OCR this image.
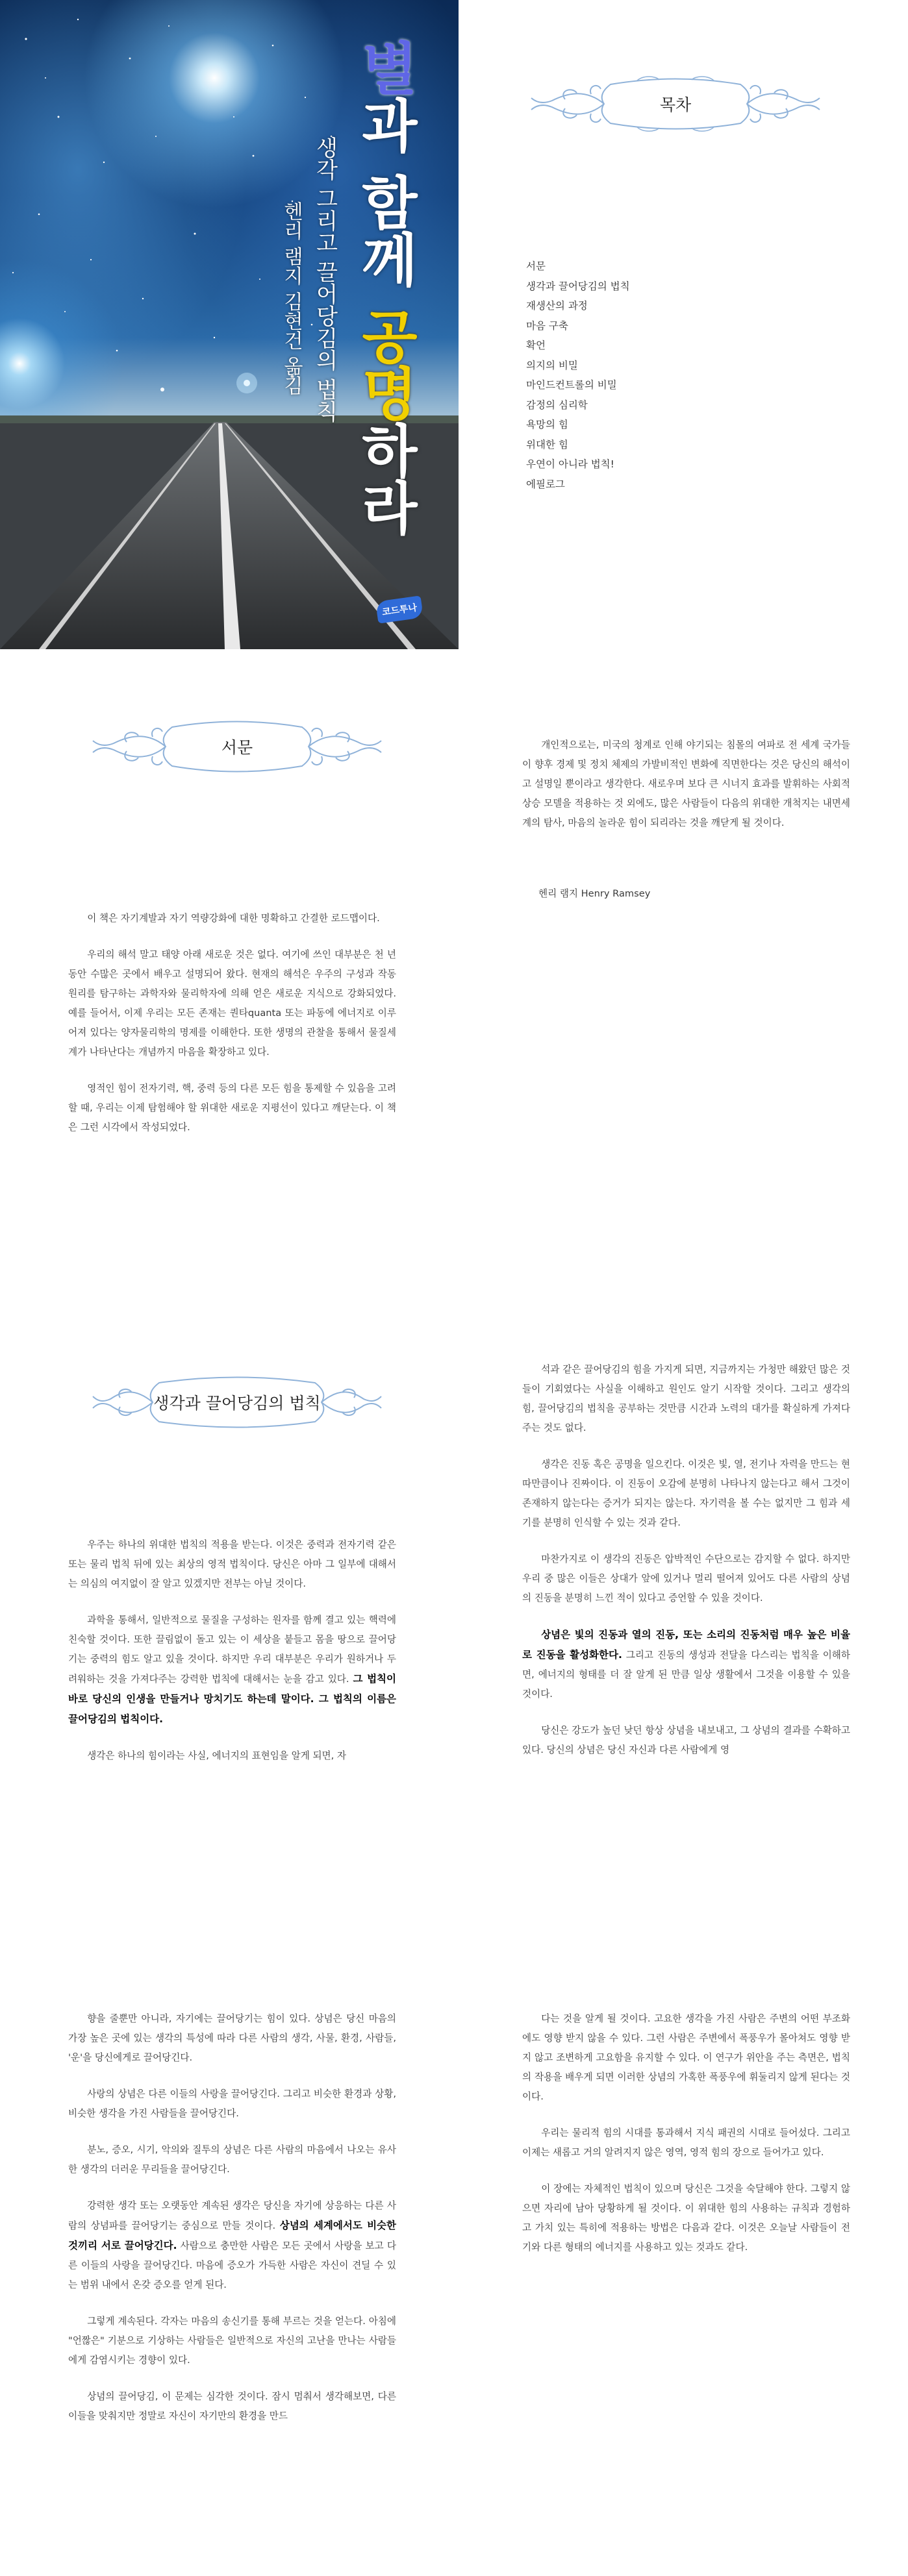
별과 함께 공명하라
생각 그리고 끌어당김의 법칙
헨리 램지 김현건 옮김
코드투나
목차
서문
생각과 끌어당김의 법칙
재생산의 과정
마음 구축
확언
의지의 비밀
마인드컨트롤의 비밀
감정의 심리학
욕망의 힘
위대한 힘
우연이 아니라 법칙!
에필로그
서문

이 책은 자기계발과 자기 역량강화에 대한 명확하고 간결한 로드맵이다.

우리의 해석 말고 태양 아래 새로운 것은 없다. 여기에 쓰인 대부분은 천 년 동안 수많은 곳에서 배우고 설명되어 왔다. 현재의 해석은 우주의 구성과 작동 원리를 탐구하는 과학자와 물리학자에 의해 얻은 새로운 지식으로 강화되었다. 예를 들어서, 이제 우리는 모든 존재는 퀀타quanta 또는 파동에 에너지로 이루어져 있다는 양자물리학의 명제를 이해한다. 또한 생명의 관찰을 통해서 물질세계가 나타난다는 개념까지 마음을 확장하고 있다.

영적인 힘이 전자기력, 핵, 중력 등의 다른 모든 힘을 통제할 수 있음을 고려할 때, 우리는 이제 탐험해야 할 위대한 새로운 지평선이 있다고 깨닫는다. 이 책은 그런 시각에서 작성되었다.

개인적으로는, 미국의 청계로 인해 야기되는 침몰의 여파로 전 세계 국가들이 향후 경제 및 정치 체제의 가발비적인 변화에 직면한다는 것은 당신의 해석이고 설명일 뿐이라고 생각한다. 새로우며 보다 큰 시너지 효과를 발휘하는 사회적 상승 모델을 적용하는 것 외에도, 많은 사람들이 다음의 위대한 개척지는 내면세계의 탐사, 마음의 놀라운 힘이 되리라는 것을 깨닫게 될 것이다.

헨리 램지 Henry Ramsey
생각과 끌어당김의 법칙

우주는 하나의 위대한 법칙의 적용을 받는다. 이것은 중력과 전자기력 같은 또는 물리 법칙 뒤에 있는 최상의 영적 법칙이다. 당신은 아마 그 일부에 대해서는 의심의 여지없이 잘 알고 있겠지만 전부는 아닐 것이다.

과학을 통해서, 일반적으로 물질을 구성하는 원자를 함께 결고 있는 핵력에 친숙할 것이다. 또한 끌림없이 돌고 있는 이 세상을 붙들고 몸을 땅으로 끌어당기는 중력의 힘도 알고 있을 것이다. 하지만 우리 대부분은 우리가 원하거나 두려워하는 것을 가져다주는 강력한 법칙에 대해서는 눈을 감고 있다. 그 법칙이 바로 당신의 인생을 만들거나 망치기도 하는데 말이다. 그 법칙의 이름은 끌어당김의 법칙이다.

생각은 하나의 힘이라는 사실, 에너지의 표현임을 알게 되면, 자

석과 같은 끌어당김의 힘을 가지게 되면, 지금까지는 가청만 해왔던 많은 것들이 기회였다는 사실을 이해하고 원인도 알기 시작할 것이다. 그리고 생각의 힘, 끌어당김의 법칙을 공부하는 것만큼 시간과 노력의 대가를 확실하게 가져다주는 것도 없다.

생각은 진동 혹은 공명을 일으킨다. 이것은 빛, 열, 전기나 자력을 만드는 현따만큼이나 진짜이다. 이 진동이 오감에 분명히 나타나지 않는다고 해서 그것이 존재하지 않는다는 증거가 되지는 않는다. 자기력을 볼 수는 없지만 그 힘과 세기를 분명히 인식할 수 있는 것과 같다.

마찬가지로 이 생각의 진동은 압박적인 수단으로는 감지할 수 없다. 하지만 우리 중 많은 이들은 상대가 앞에 있거나 멀리 떨어져 있어도 다른 사람의 상념의 진동을 분명히 느낀 적이 있다고 증언할 수 있을 것이다.

상념은 빛의 진동과 열의 진동, 또는 소리의 진동처럼 매우 높은 비율로 진동을 활성화한다. 그리고 진동의 생성과 전달을 다스리는 법칙을 이해하면, 에너지의 형태를 더 잘 알게 된 만큼 일상 생활에서 그것을 이용할 수 있을 것이다.

당신은 강도가 높던 낮던 항상 상념을 내보내고, 그 상념의 결과를 수확하고 있다. 당신의 상념은 당신 자신과 다른 사람에게 영

향을 줄뿐만 아니라, 자기에는 끌어당기는 힘이 있다. 상념은 당신 마음의 가장 높은 곳에 있는 생각의 특성에 따라 다른 사람의 생각, 사물, 환경, 사람들, '운'을 당신에게로 끌어당긴다.

사랑의 상념은 다른 이들의 사랑을 끌어당긴다. 그리고 비슷한 환경과 상황, 비슷한 생각을 가진 사람들을 끌어당긴다.

분노, 증오, 시기, 악의와 질투의 상념은 다른 사람의 마음에서 나오는 유사한 생각의 더러운 무리들을 끌어당긴다.

강력한 생각 또는 오랫동안 계속된 생각은 당신을 자기에 상응하는 다른 사람의 상념파를 끌어당기는 중심으로 만들 것이다. 상념의 세계에서도 비슷한 것끼리 서로 끌어당긴다. 사람으로 충만한 사람은 모든 곳에서 사랑을 보고 다른 이들의 사랑을 끌어당긴다. 마음에 증오가 가득한 사람은 자신이 견딜 수 있는 범위 내에서 온갖 증오를 얻게 된다.

그렇게 계속된다. 각자는 마음의 송신기를 통해 부르는 것을 얻는다. 아침에 "언짢은" 기분으로 기상하는 사람들은 일반적으로 자신의 고난을 만나는 사람들에게 감염시키는 경향이 있다.

상념의 끌어당김, 이 문제는 심각한 것이다. 잠시 멈춰서 생각해보면, 다른 이들을 맞춰지만 정말로 자신이 자기만의 환경을 만드

다는 것을 알게 될 것이다. 고요한 생각을 가진 사람은 주변의 어떤 부조화에도 영향 받지 않을 수 있다. 그런 사람은 주변에서 폭풍우가 몰아쳐도 영향 받지 않고 조변하게 고요함을 유지할 수 있다. 이 연구가 위안을 주는 측면은, 법칙의 작용을 배우게 되면 이러한 상념의 가혹한 폭풍우에 휘둘리지 않게 된다는 것이다.

우리는 물리적 힘의 시대를 통과해서 지식 패권의 시대로 들어섰다. 그리고 이제는 새롭고 거의 알려지지 않은 영역, 영적 힘의 장으로 들어가고 있다.

이 장에는 자체적인 법칙이 있으며 당신은 그것을 숙달해야 한다. 그렇지 않으면 자리에 남아 당황하게 될 것이다. 이 위대한 힘의 사용하는 규칙과 경험하고 가치 있는 특히에 적용하는 방법은 다음과 같다. 이것은 오늘날 사람들이 전기와 다른 형태의 에너지를 사용하고 있는 것과도 같다.
